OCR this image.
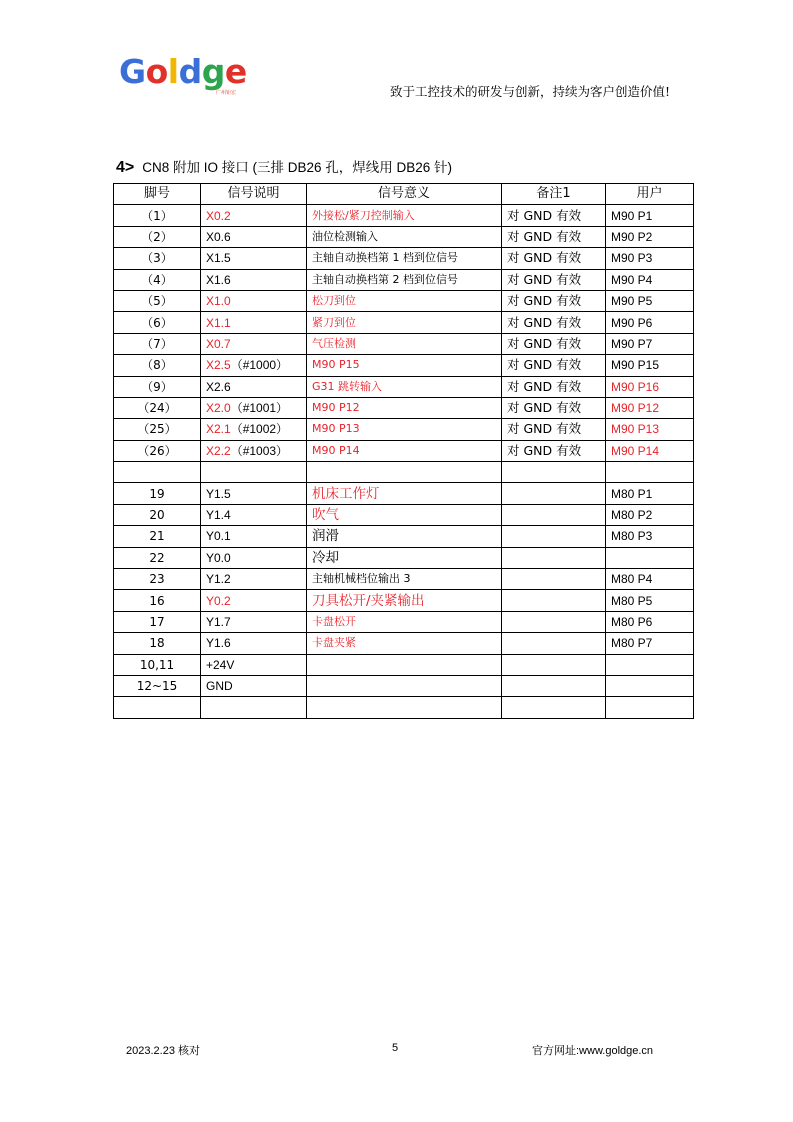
Goldge
广州钜宏	致于工控技术的研发与创新，持续为客户创造价值!
4> CN8 附加 IO 接口 (三排 DB26 孔，焊线用 DB26 针)
脚号	信号说明	信号意义	备注1	用户
（1）	X0.2	外接松/紧刀控制输入	对 GND 有效	M90 P1
（2）	X0.6	油位检测输入	对 GND 有效	M90 P2
（3）	X1.5	主轴自动换档第 1 档到位信号	对 GND 有效	M90 P3
（4）	X1.6	主轴自动换档第 2 档到位信号	对 GND 有效	M90 P4
（5）	X1.0	松刀到位	对 GND 有效	M90 P5
（6）	X1.1	紧刀到位	对 GND 有效	M90 P6
（7）	X0.7	气压检测	对 GND 有效	M90 P7
（8）	X2.5（#1000）	M90 P15	对 GND 有效	M90 P15
（9）	X2.6	G31 跳转输入	对 GND 有效	M90 P16
（24）	X2.0（#1001）	M90 P12	对 GND 有效	M90 P12
（25）	X2.1（#1002）	M90 P13	对 GND 有效	M90 P13
（26）	X2.2（#1003）	M90 P14	对 GND 有效	M90 P14

19	Y1.5	机床工作灯		M80 P1
20	Y1.4	吹气		M80 P2
21	Y0.1	润滑		M80 P3
22	Y0.0	冷却		
23	Y1.2	主轴机械档位输出 3		M80 P4
16	Y0.2	刀具松开/夹紧输出		M80 P5
17	Y1.7	卡盘松开		M80 P6
18	Y1.6	卡盘夹紧		M80 P7
10,11	+24V			
12~15	GND			

2023.2.23 核对	5	官方网址:www.goldge.cn
